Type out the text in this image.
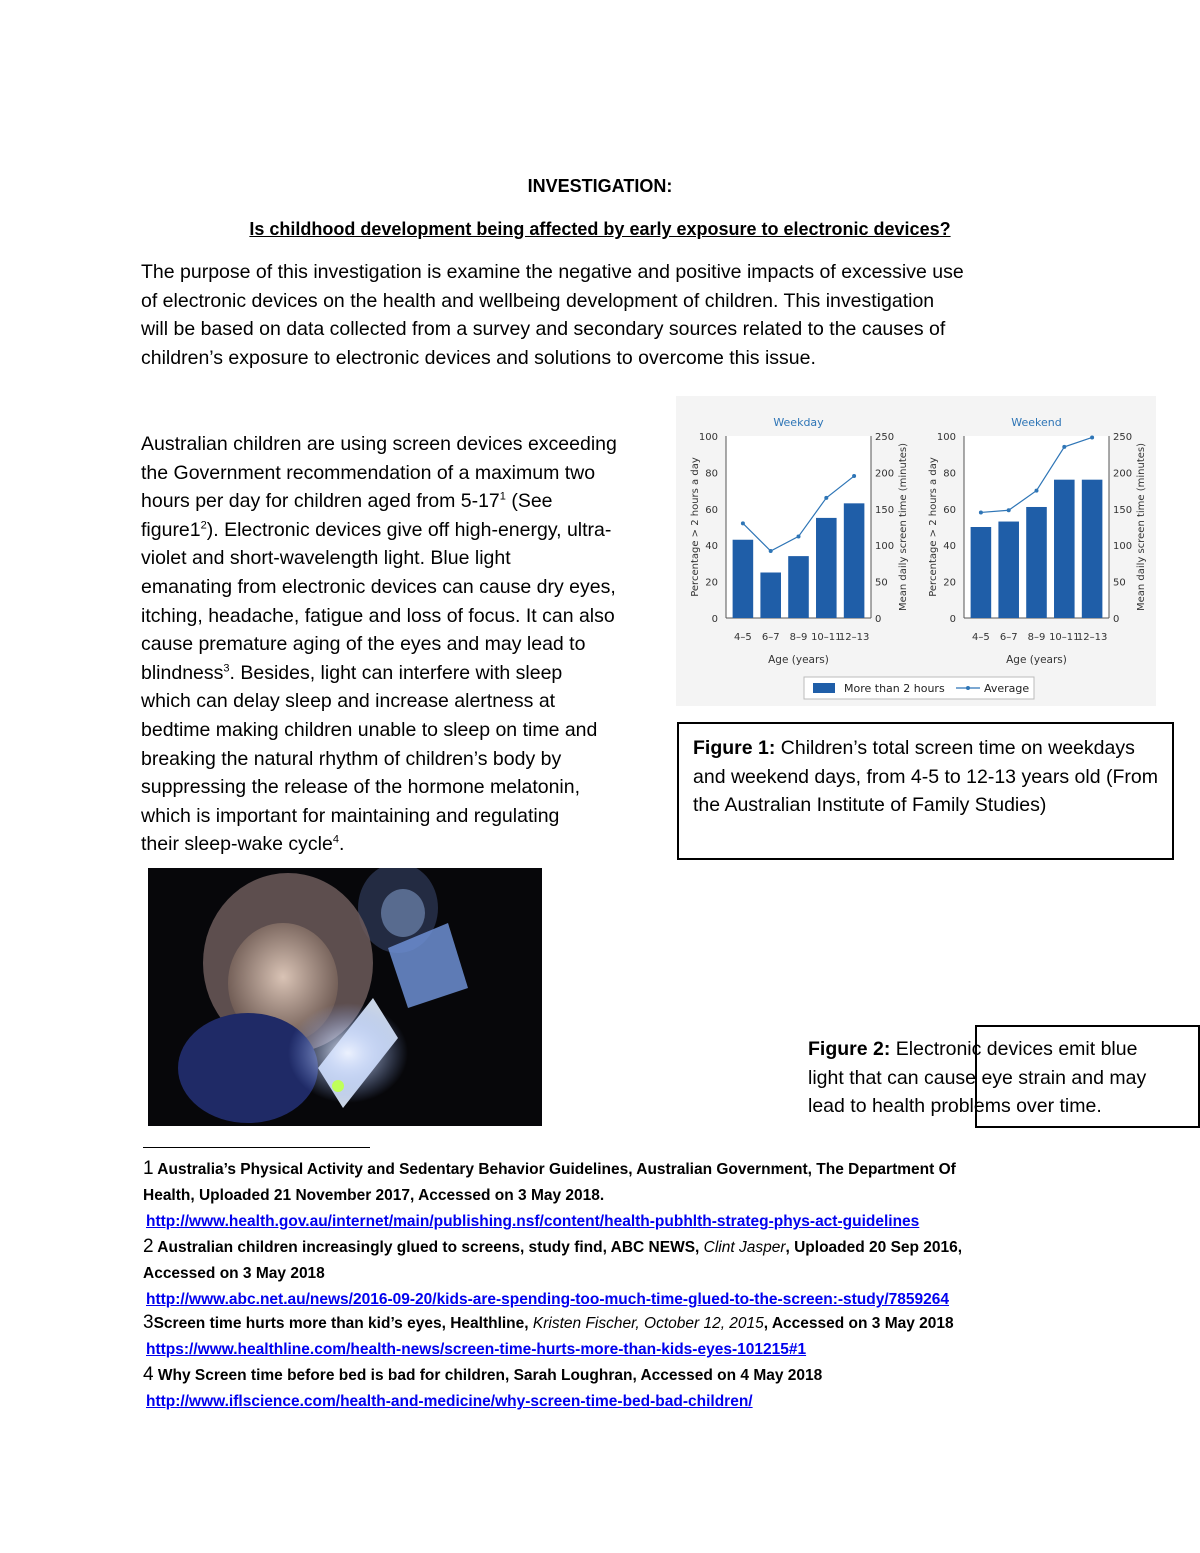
INVESTIGATION:
Is childhood development being affected by early exposure to electronic devices?
The purpose of this investigation is examine the negative and positive impacts of excessive use
of electronic devices on the health and wellbeing development of children. This investigation
will be based on data collected from a survey and secondary sources related to the causes of
children’s exposure to electronic devices and solutions to overcome this issue.
Australian children are using screen devices exceeding
the Government recommendation of a maximum two
hours per day for children aged from $5-17^1$ (See
$figure1^2$). Electronic devices give off high-energy, ultra-
violet and short-wavelength light. Blue light
emanating from electronic devices can cause dry eyes,
itching, headache, fatigue and loss of focus. It can also
cause premature aging of the eyes and may lead to
blindness$^3$. Besides, light can interfere with sleep
which can delay sleep and increase alertness at
bedtime making children unable to sleep on time and
breaking the natural rhythm of children’s body by
suppressing the release of the hormone melatonin,
which is important for maintaining and regulating
their sleep-wake cycle$^4$.
0
20
40
60
80
100
0
50
100
150
200
250
Weekday
4–5 6–7 8–9 10–11
12–13
Age (years)
Percentage > 2 hours a day	Mean daily screen time (minutes)
0
20
40
60
80
100
0
50
100
150
200
250
Weekend
4–5 6–7 8–9 10–11
12–13
Age (years)
Percentage > 2 hours a day	Mean daily screen time (minutes)
More than 2 hours	Average
Figure 1: Children’s total screen time on weekdays and weekend days, from 4-5 to 12-13 years old (From the Australian Institute of Family Studies)
Figure 2: Electronic devices emit blue
light that can cause eye strain and may
lead to health problems over time.
1 Australia’s Physical Activity and Sedentary Behavior Guidelines, Australian Government, The Department Of
Health, Uploaded 21 November 2017, Accessed on 3 May 2018.
http://www.health.gov.au/internet/main/publishing.nsf/content/health-pubhlth-strateg-phys-act-guidelines
2 Australian children increasingly glued to screens, study find, ABC NEWS, Clint Jasper, Uploaded 20 Sep 2016,
Accessed on 3 May 2018
http://www.abc.net.au/news/2016-09-20/kids-are-spending-too-much-time-glued-to-the-screen:-study/7859264
3Screen time hurts more than kid’s eyes, Healthline, Kristen Fischer, October 12, 2015, Accessed on 3 May 2018
https://www.healthline.com/health-news/screen-time-hurts-more-than-kids-eyes-101215#1
4 Why Screen time before bed is bad for children, Sarah Loughran, Accessed on 4 May 2018
http://www.iflscience.com/health-and-medicine/why-screen-time-bed-bad-children/
